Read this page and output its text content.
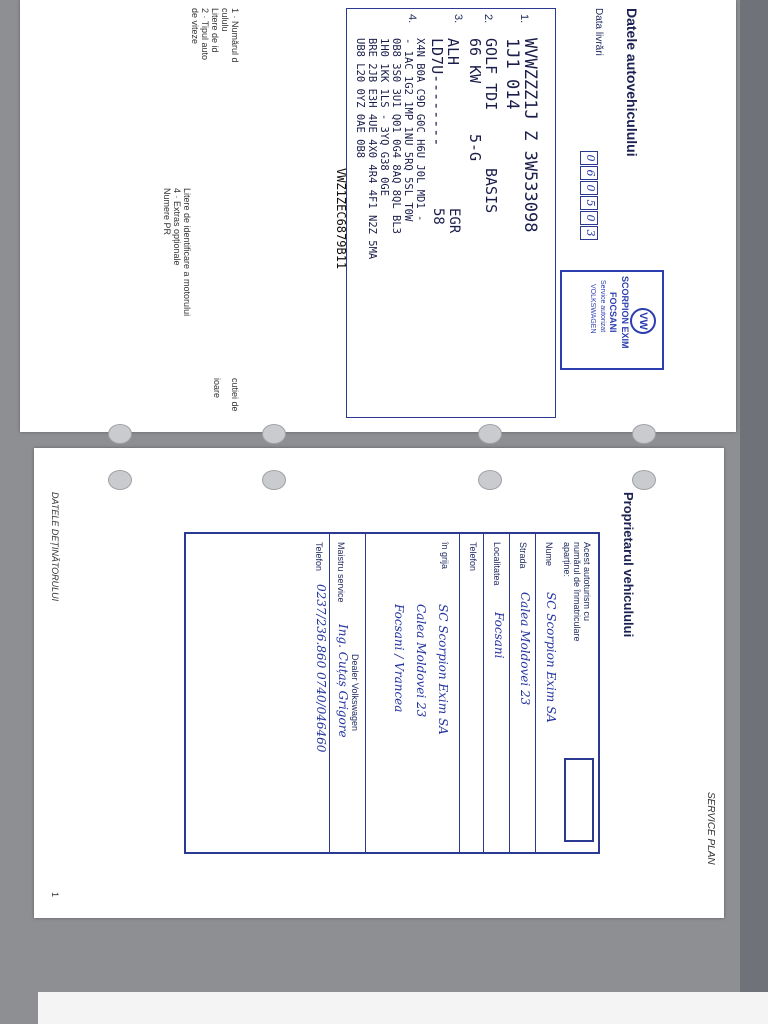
Datele autovehiculului
Data livrări
0
6
0
5
0
3
VW
SCORPION EXIM
FOCSANI
Service autorizat
VOLKSWAGEN
1.
2.
3.
4.
WVWZZZ1J Z 3W533098
1J1 014
GOLF TDI
BASIS
66 KW
5-G
ALH
EGR
LD7U--------
58
X4N B0A C9D G0C H6U J0L MD1 -
- 1AC 1G2 1MP 1NU 5RQ 5SL T0W
0B8 3S0 3U1 Q01 0G4 8AQ 8QL BL3
1H0 1KK 1LS - 3YQ G38 0GE
BRE 2JB E3H 4UE 4X0 4R4 4F1 N2Z 5MA
UB8 L20 0YZ 0AE 0B8
VWZ1ZEC6879B11
1 · Numărul d
cululu
Litere de id
2 · Tipul auto
de viteze
cutiei de
ioare
Litere de identificare a motorului
4 · Extras opționale
Numere PR
Proprietarul vehiculului
SERVICE PLAN
Acest autoturism cu
numărul de înmatriculare
aparține:
Nume
SC Scorpion Exim SA
Strada
Calea Moldovei 23
Localitatea
Focsani
Telefon
în grija
SC Scorpion Exim SA
Calea Moldovei 23
Focsani / Vrancea
Dealer Volkswagen
Maistru service
Ing. Cuțaș Grigore
Telefon
0237/236.860 0740/046460
DATELE DEȚINĂTORULUI
1
